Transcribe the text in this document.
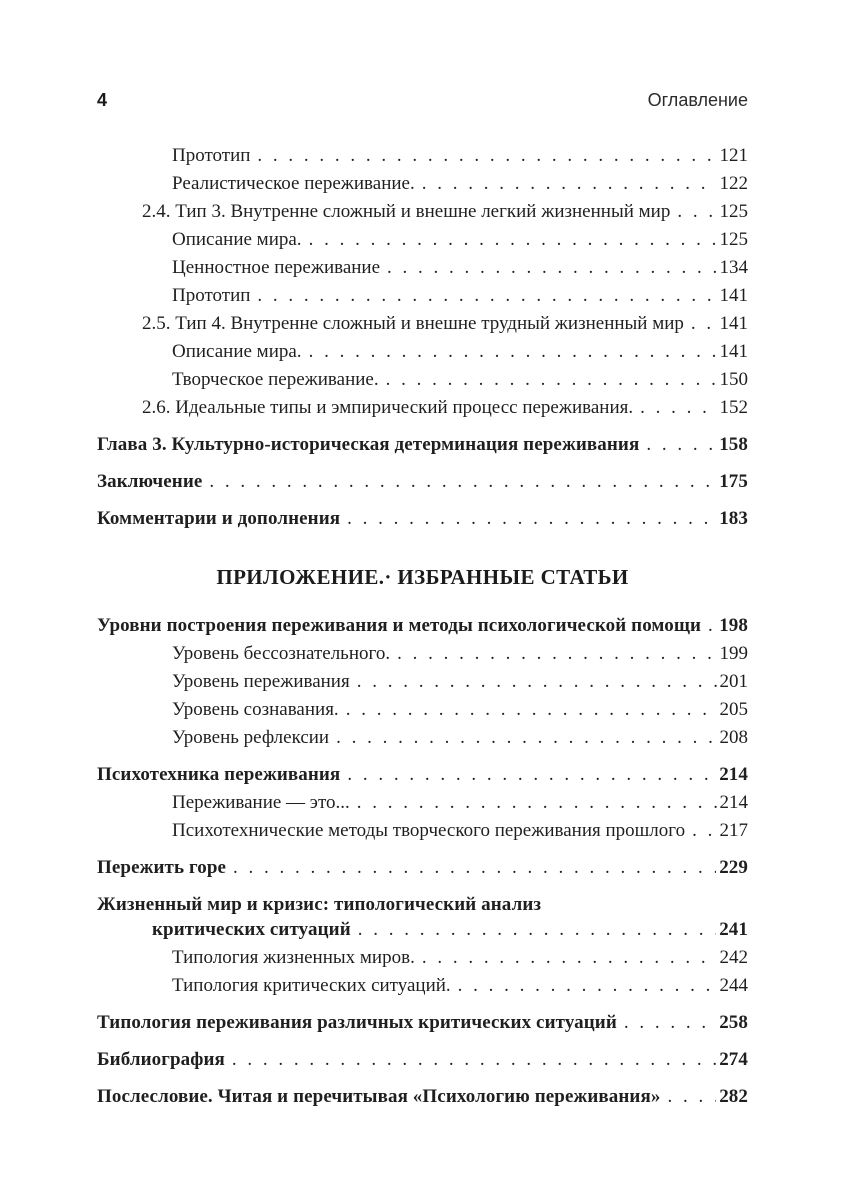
4	Оглавление
Прототип . . .	121
Реалистическое переживание. . . .	122
2.4. Тип 3. Внутренне сложный и внешне легкий жизненный мир . . .	125
Описание мира. . . .	125
Ценностное переживание . . .	134
Прототип . . .	141
2.5. Тип 4. Внутренне сложный и внешне трудный жизненный мир . . . 141
Описание мира. . . .	141
Творческое переживание. . . .	150
2.6. Идеальные типы и эмпирический процесс переживания. . . .	152
Глава 3. Культурно-историческая детерминация переживания . . .	158
Заключение . . .	175
Комментарии и дополнения . . .	183
ПРИЛОЖЕНИЕ.· ИЗБРАННЫЕ СТАТЬИ
Уровни построения переживания и методы психологической помощи . . . 198
Уровень бессознательного. . . .	199
Уровень переживания . . .	201
Уровень сознавания. . . .	205
Уровень рефлексии . . .	208
Психотехника переживания . . .	214
Переживание — это... . . .	214
Психотехнические методы творческого переживания прошлого . . . 217
Пережить горе . . .	229
Жизненный мир и кризис: типологический анализ
критических ситуаций . . .	241
Типология жизненных миров. . . .	242
Типология критических ситуаций. . . .	244
Типология переживания различных критических ситуаций . . .	258
Библиография . . .	274
Послесловие. Читая и перечитывая «Психологию переживания» . . .	282
